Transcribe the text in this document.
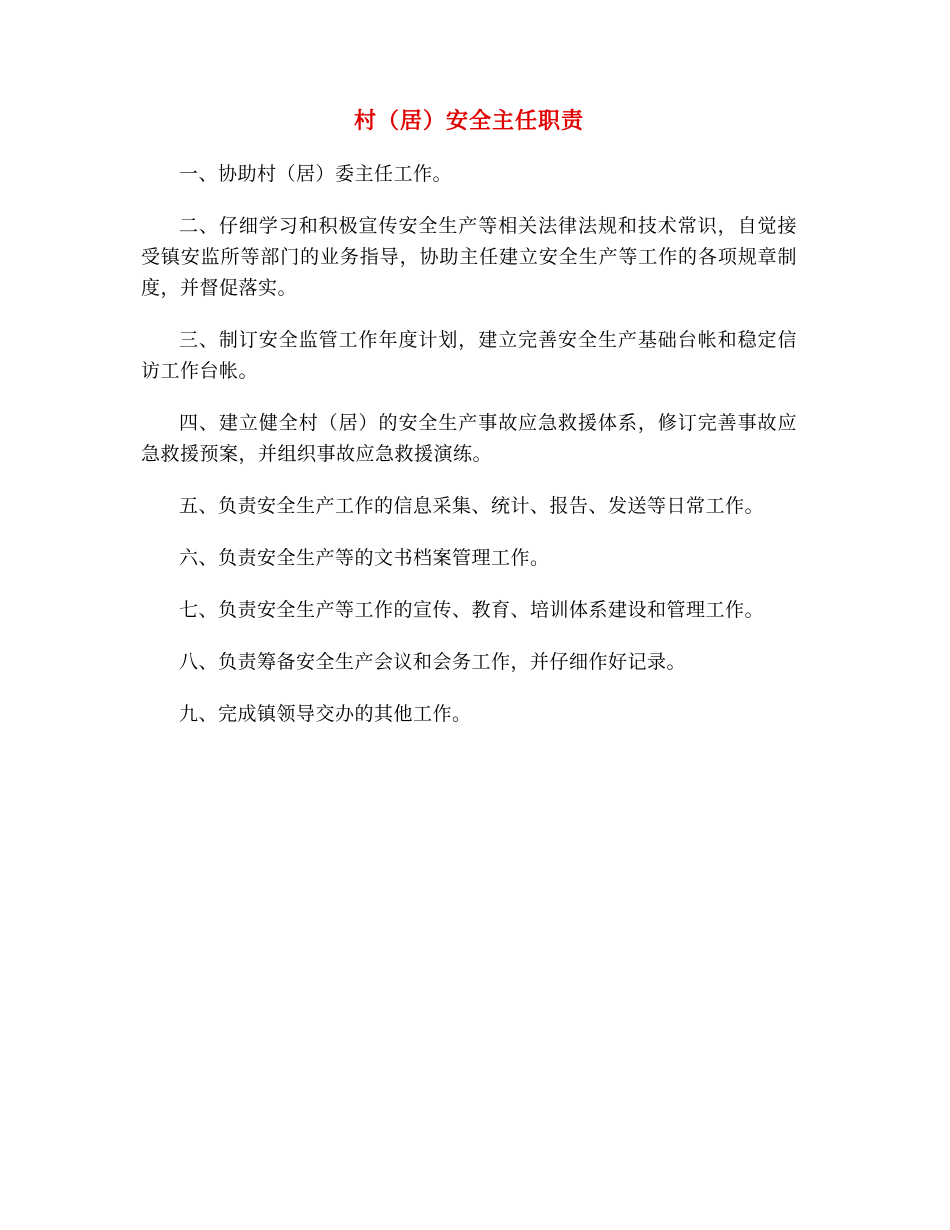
村（居）安全主任职责

一、协助村（居）委主任工作。

二、仔细学习和积极宣传安全生产等相关法律法规和技术常识，自觉接受镇安监所等部门的业务指导，协助主任建立安全生产等工作的各项规章制度，并督促落实。

三、制订安全监管工作年度计划，建立完善安全生产基础台帐和稳定信访工作台帐。

四、建立健全村（居）的安全生产事故应急救援体系，修订完善事故应急救援预案，并组织事故应急救援演练。

五、负责安全生产工作的信息采集、统计、报告、发送等日常工作。

六、负责安全生产等的文书档案管理工作。

七、负责安全生产等工作的宣传、教育、培训体系建设和管理工作。

八、负责筹备安全生产会议和会务工作，并仔细作好记录。

九、完成镇领导交办的其他工作。
